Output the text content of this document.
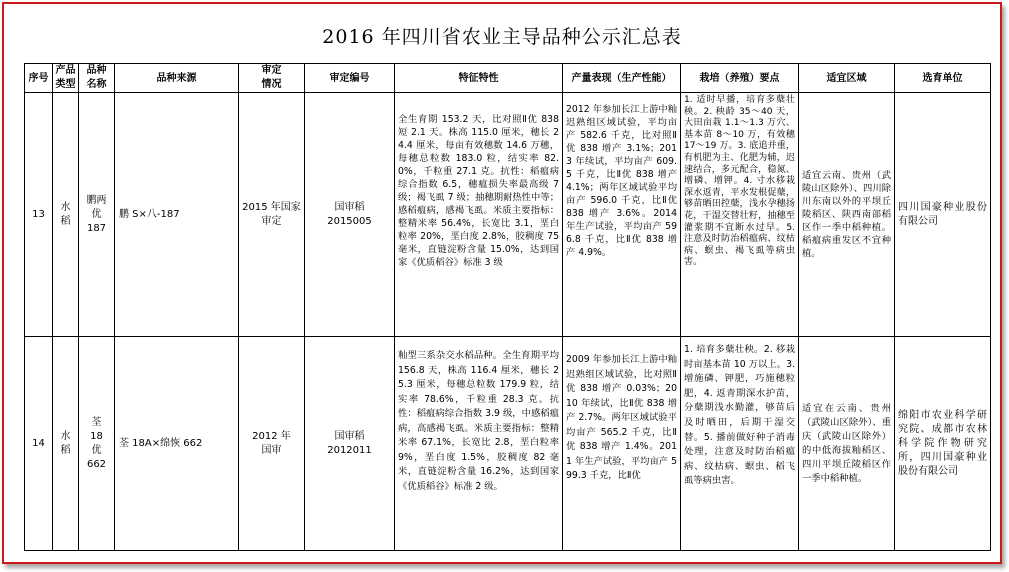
2016 年四川省农业主导品种公示汇总表
序号	产品类型	品种名称	品种来源	审定情况	审定编号	特征特性	产量表现（生产性能）	栽培（养殖）要点	适宜区域	选育单位
13	水稻	鹏两优 187	鹏 S×八-187	2015 年国家审定	国审稻 2015005	全生育期 153.2 天，比对照Ⅱ优 838 短 2.1 天。株高 115.0 厘米，穗长 24.4 厘米，每亩有效穗数 14.6 万穗，每穗总粒数 183.0 粒，结实率 82.0%，千粒重 27.1 克。抗性：稻瘟病综合指数 6.5，穗瘟损失率最高级 7 级；褐飞虱 7 级；抽穗期耐热性中等；感稻瘟病，感褐飞虱。米质主要指标：整精米率 56.4%，长宽比 3.1，垩白粒率 20%，垩白度 2.8%，胶稠度 75 毫米，直链淀粉含量 15.0%，达到国家《优质稻谷》标准 3 级	2012 年参加长江上游中籼迟熟组区域试验，平均亩产 582.6 千克，比对照Ⅱ优 838 增产 3.1%；2013 年续试，平均亩产 609.5 千克，比Ⅱ优 838 增产 4.1%；两年区域试验平均亩产 596.0 千克，比Ⅱ优 838 增产 3.6%。2014 年生产试验，平均亩产 596.8 千克，比Ⅱ优 838 增产 4.9%。	1. 适时早播，培育多蘖壮秧。2. 秧龄 35～40 天，大田亩栽 1.1～1.3 万穴、基本苗 8～10 万，有效穗 17～19 万。3. 底追并重，有机肥为主、化肥为辅，迟速结合，多元配合，稳氮、增磷、增钾。4. 寸水移栽深水返青，平水发根促蘖，够苗晒田控蘖，浅水孕穗扬花，干湿交替壮籽，抽穗至灌浆期不宜断水过早。5. 注意及时防治稻瘟病、纹枯病、螟虫、褐飞虱等病虫害。	适宜云南、贵州（武陵山区除外）、四川除川东南以外的平坝丘陵稻区、陕西南部稻区作一季中稻种植。稻瘟病重发区不宜种植。	四川国豪种业股份有限公司

14	水稻	荃 18 优 662	荃 18A×绵恢 662	2012 年国审	国审稻 2012011	籼型三系杂交水稻品种。全生育期平均 156.8 天，株高 116.4 厘米，穗长 25.3 厘米，每穗总粒数 179.9 粒，结实率 78.6%，千粒重 28.3 克。抗性：稻瘟病综合指数 3.9 级，中感稻瘟病，高感褐飞虱。米质主要指标：整精米率 67.1%，长宽比 2.8，垩白粒率 9%，垩白度 1.5%，胶稠度 82 毫米，直链淀粉含量 16.2%，达到国家《优质稻谷》标准 2 级。	2009 年参加长江上游中籼迟熟组区域试验，比对照Ⅱ优 838 增产 0.03%；2010 年续试，比Ⅱ优 838 增产 2.7%。两年区域试验平均亩产 565.2 千克，比Ⅱ优 838 增产 1.4%。2011 年生产试验，平均亩产 599.3 千克，比Ⅱ优	1. 培育多蘖壮秧。2. 移栽时亩基本苗 10 万以上。3. 增施磷、钾肥，巧施穗粒肥，4. 返青期深水护苗，分蘖期浅水勤灌，够苗后及时晒田，后期干湿交替。5. 播前做好种子消毒处理，注意及时防治稻瘟病、纹枯病、螟虫、稻飞虱等病虫害。	适宜在云南、贵州（武陵山区除外）、重庆（武陵山区除外）的中低海拔籼稻区、四川平坝丘陵稻区作一季中稻种植。	绵阳市农业科学研究院、成都市农林科学院作物研究所，四川国豪种业股份有限公司
